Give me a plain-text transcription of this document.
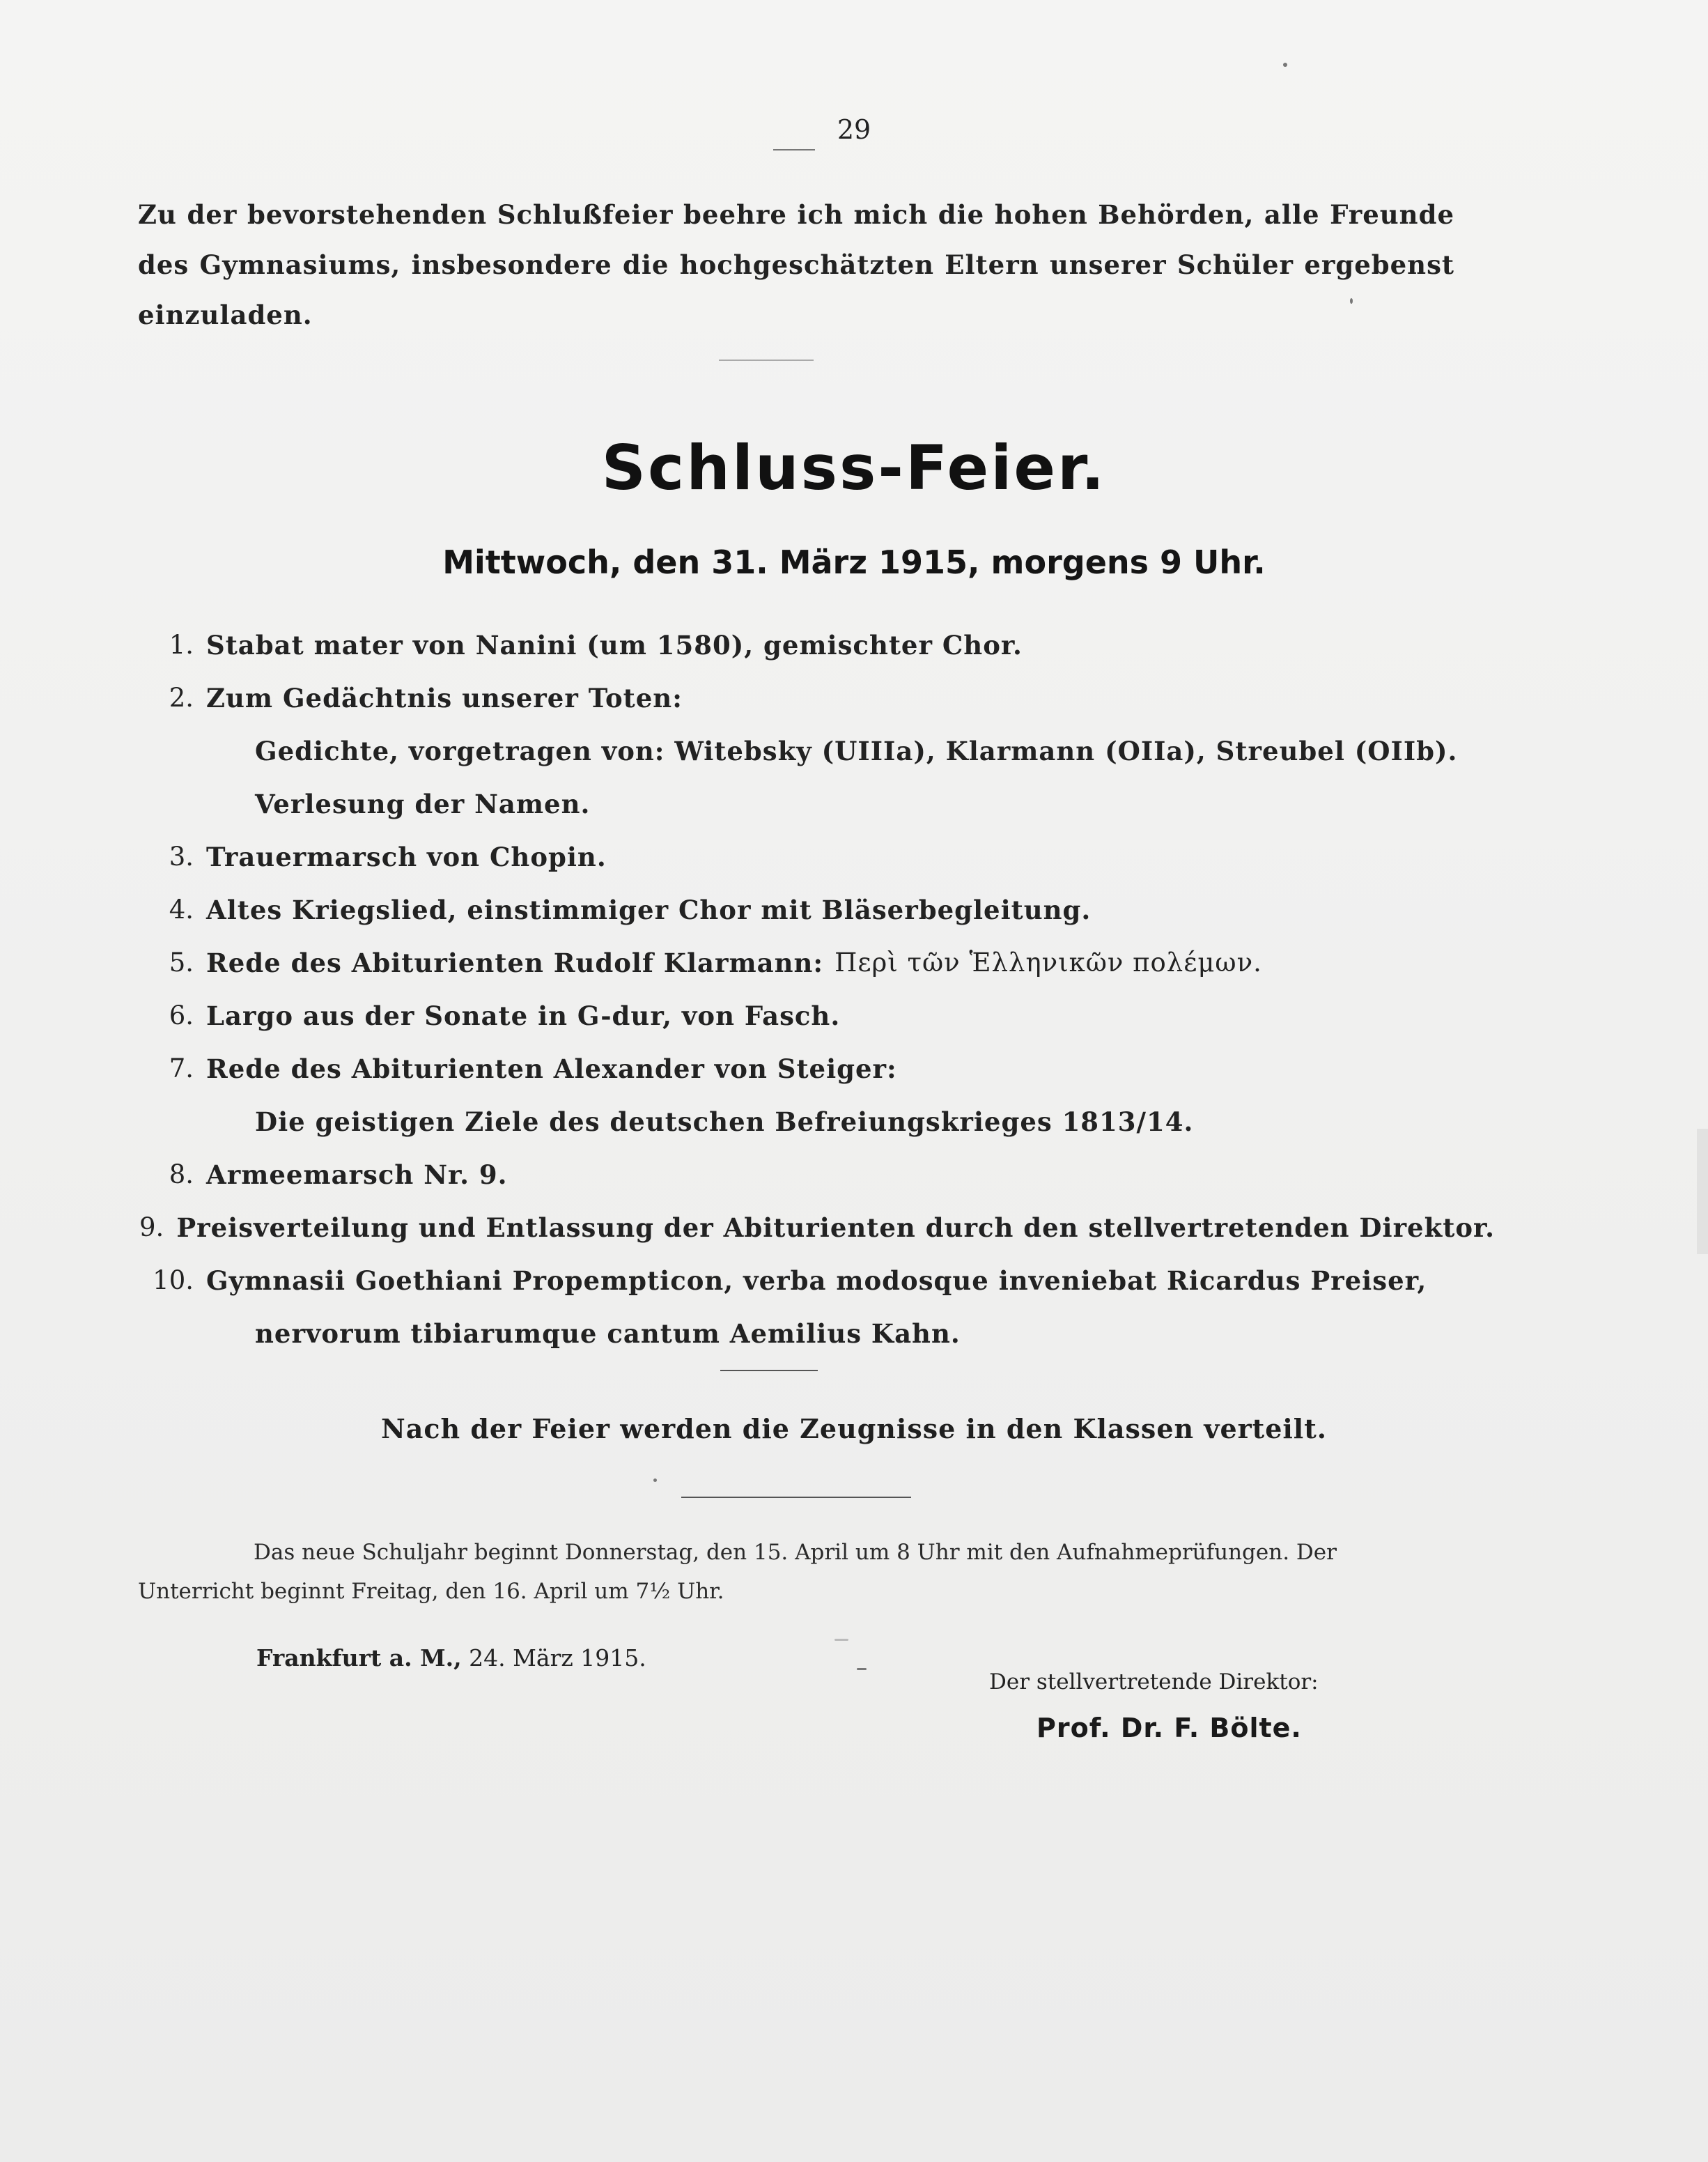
29
Zu der bevorstehenden Schlußfeier beehre ich mich die hohen Behörden, alle Freunde des Gymnasiums, insbesondere die hochgeschätzten Eltern unserer Schüler ergebenst einzuladen.
Schluss-Feier.
Mittwoch, den 31. März 1915, morgens 9 Uhr.
1. Stabat mater von Nanini (um 1580), gemischter Chor.
2. Zum Gedächtnis unserer Toten:
Gedichte, vorgetragen von: Witebsky (UIIIa), Klarmann (OIIa), Streubel (OIIb).
Verlesung der Namen.
3. Trauermarsch von Chopin.
4. Altes Kriegslied, einstimmiger Chor mit Bläserbegleitung.
5. Rede des Abiturienten Rudolf Klarmann: Περὶ τῶν Ἑλληνικῶν πολέμων.
6. Largo aus der Sonate in G-dur, von Fasch.
7. Rede des Abiturienten Alexander von Steiger:
Die geistigen Ziele des deutschen Befreiungskrieges 1813/14.
8. Armeemarsch Nr. 9.
9. Preisverteilung und Entlassung der Abiturienten durch den stellvertretenden Direktor.
10. Gymnasii Goethiani Propempticon, verba modosque inveniebat Ricardus Preiser,
nervorum tibiarumque cantum Aemilius Kahn.
Nach der Feier werden die Zeugnisse in den Klassen verteilt.
Das neue Schuljahr beginnt Donnerstag, den 15. April um 8 Uhr mit den Aufnahmeprüfungen. Der
Unterricht beginnt Freitag, den 16. April um 7½ Uhr.
Frankfurt a. M., 24. März 1915.
Der stellvertretende Direktor:
Prof. Dr. F. Bölte.
